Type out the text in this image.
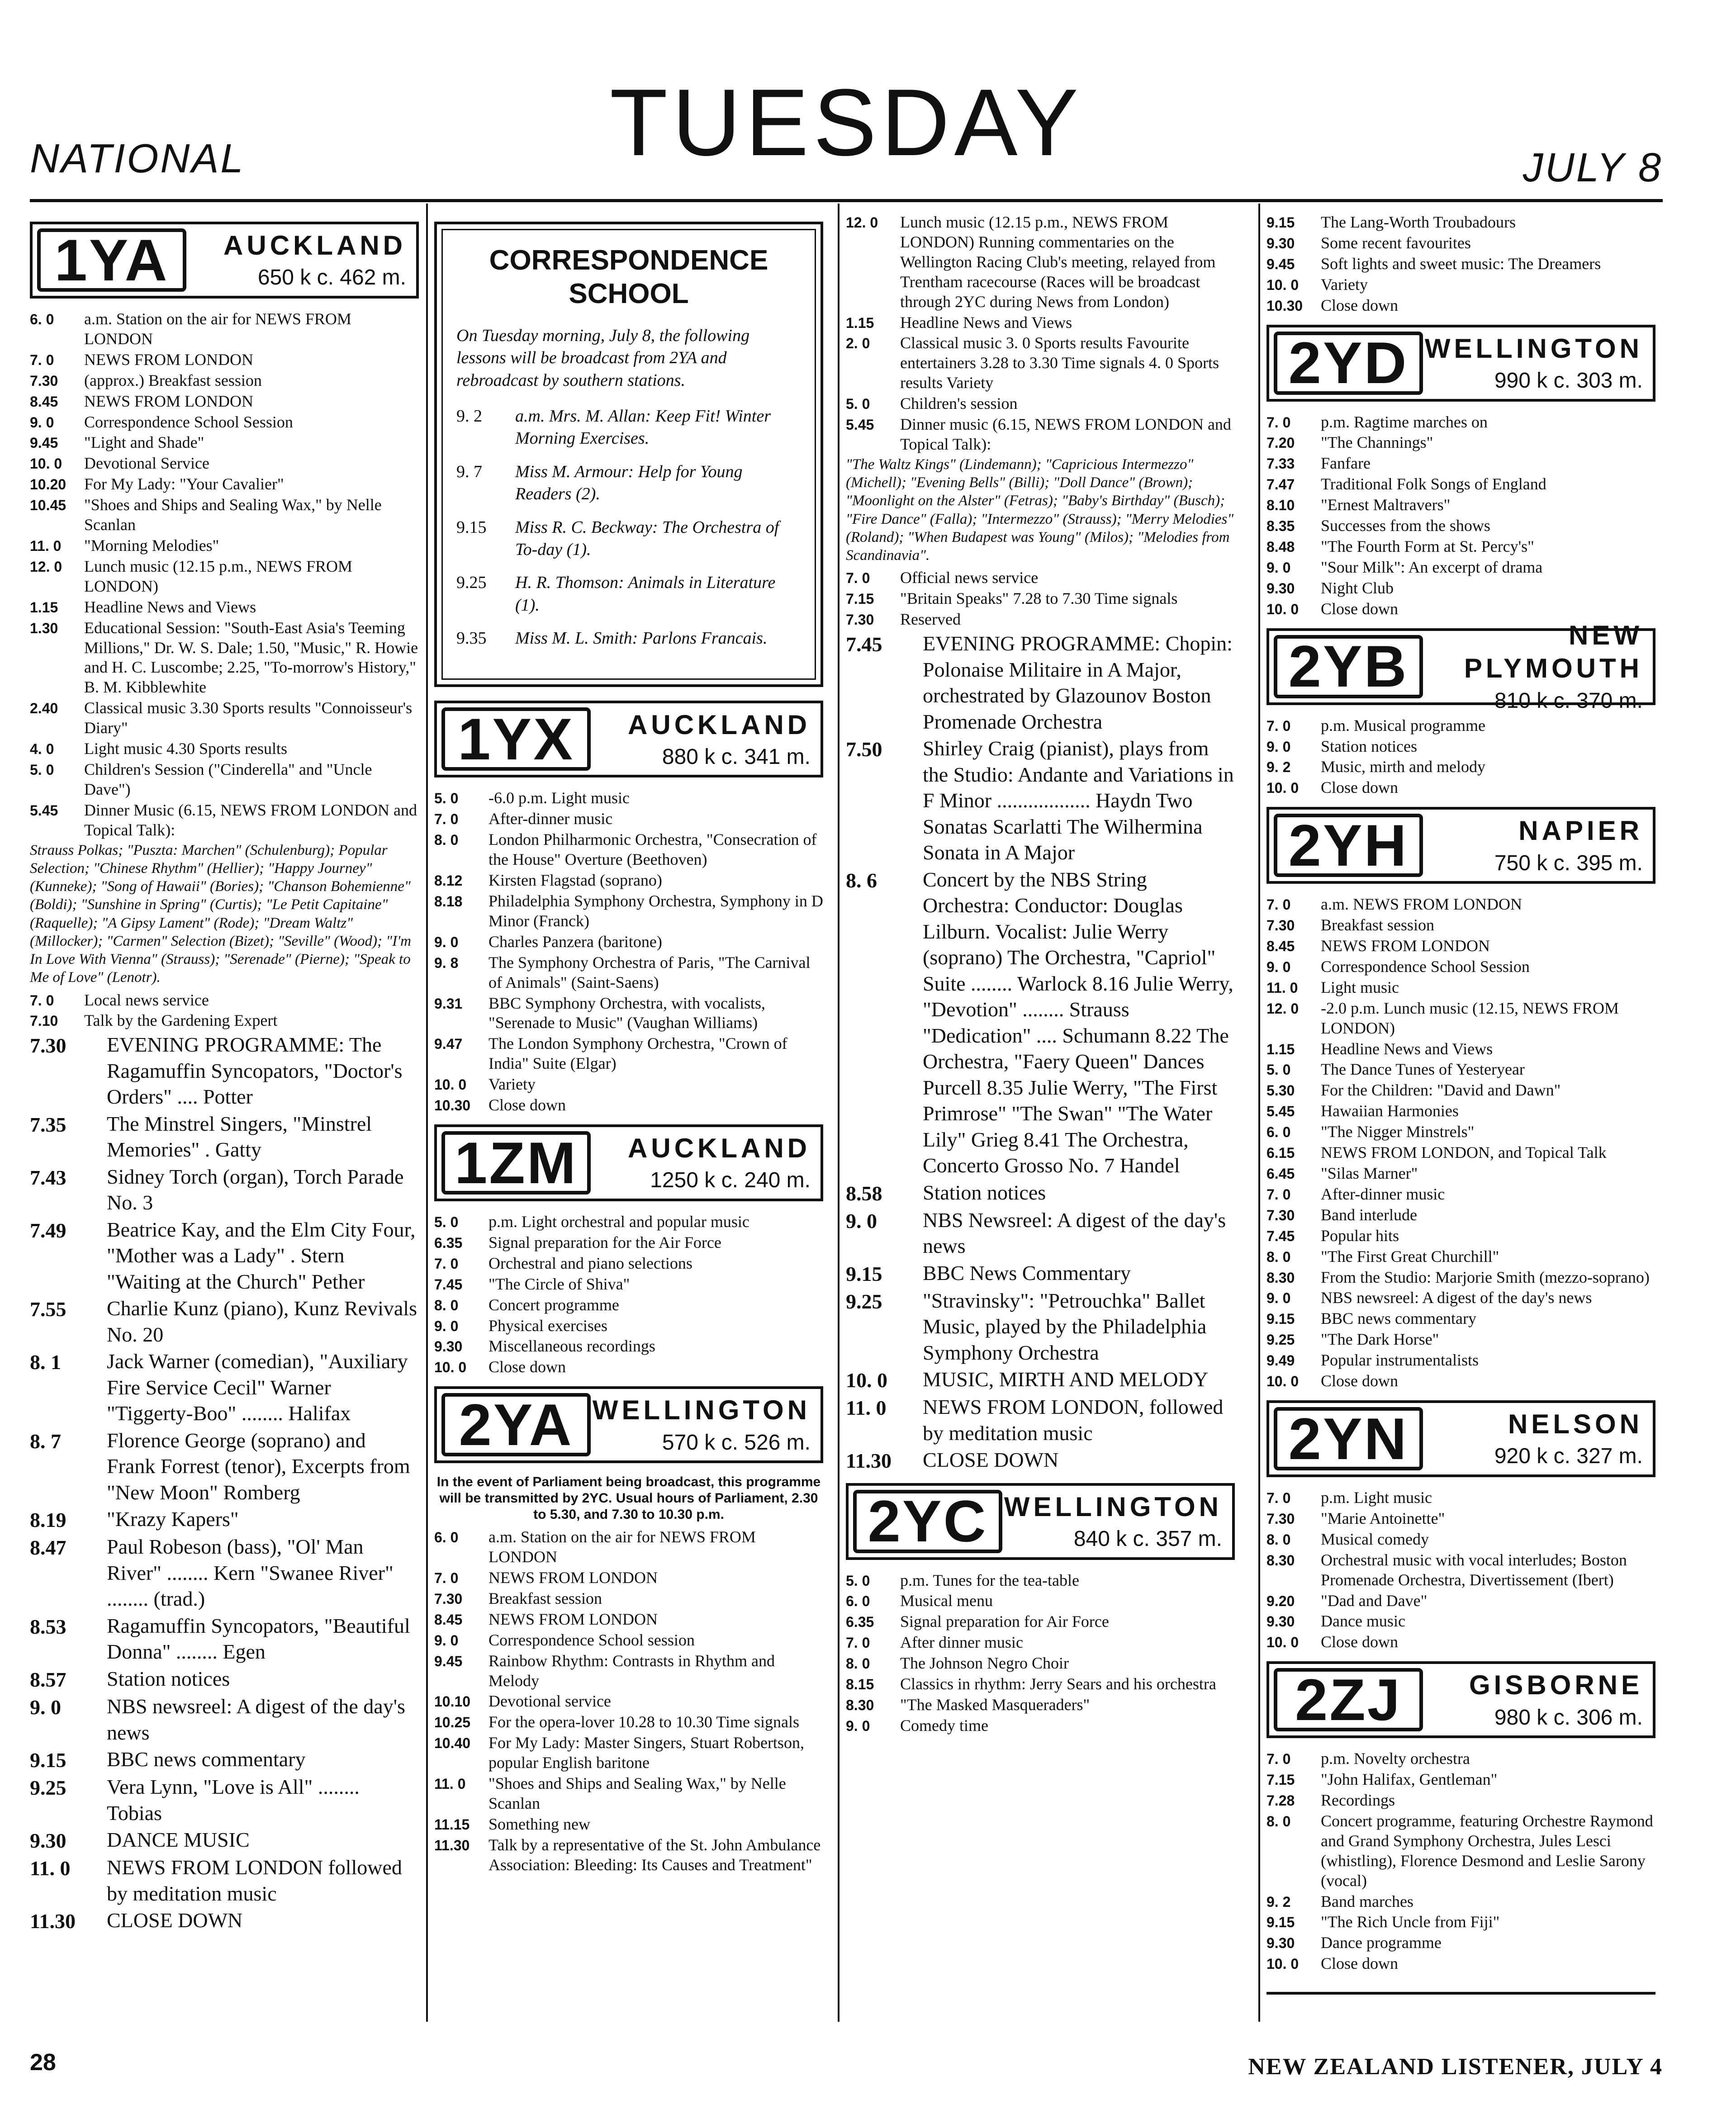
NATIONAL	TUESDAY	JULY 8
1YA	AUCKLAND
650 k c. 462 m.
6. 0	a.m. Station on the air for NEWS FROM LONDON
7. 0	NEWS FROM LONDON
7.30	(approx.) Breakfast session
8.45	NEWS FROM LONDON
9. 0	Correspondence School Session
9.45	"Light and Shade"
10. 0	Devotional Service
10.20	For My Lady: "Your Cavalier"
10.45	"Shoes and Ships and Sealing Wax," by Nelle Scanlan
11. 0	"Morning Melodies"
12. 0	Lunch music (12.15 p.m., NEWS FROM LONDON)
1.15	Headline News and Views
1.30	Educational Session: "South-East Asia's Teeming Millions," Dr. W. S. Dale; 1.50, "Music," R. Howie and H. C. Luscombe; 2.25, "To-morrow's History," B. M. Kibblewhite
2.40	Classical music 3.30 Sports results "Connoisseur's Diary"
4. 0	Light music 4.30 Sports results
5. 0	Children's Session ("Cinderella" and "Uncle Dave")
5.45	Dinner Music (6.15, NEWS FROM LONDON and Topical Talk):
Strauss Polkas; "Puszta: Marchen" (Schulenburg); Popular Selection; "Chinese Rhythm" (Hellier); "Happy Journey" (Kunneke); "Song of Hawaii" (Bories); "Chanson Bohemienne" (Boldi); "Sunshine in Spring" (Curtis); "Le Petit Capitaine" (Raquelle); "A Gipsy Lament" (Rode); "Dream Waltz" (Millocker); "Carmen" Selection (Bizet); "Seville" (Wood); "I'm In Love With Vienna" (Strauss); "Serenade" (Pierne); "Speak to Me of Love" (Lenotr).
7. 0	Local news service
7.10	Talk by the Gardening Expert
7.30	EVENING PROGRAMME: The Ragamuffin Syncopators, "Doctor's Orders" .... Potter
7.35	The Minstrel Singers, "Minstrel Memories" . Gatty
7.43	Sidney Torch (organ), Torch Parade No. 3
7.49	Beatrice Kay, and the Elm City Four, "Mother was a Lady" . Stern "Waiting at the Church" Pether
7.55	Charlie Kunz (piano), Kunz Revivals No. 20
8. 1	Jack Warner (comedian), "Auxiliary Fire Service Cecil" Warner "Tiggerty-Boo" ........ Halifax
8. 7	Florence George (soprano) and Frank Forrest (tenor), Excerpts from "New Moon" Romberg
8.19	"Krazy Kapers"
8.47	Paul Robeson (bass), "Ol' Man River" ........ Kern "Swanee River" ........ (trad.)
8.53	Ragamuffin Syncopators, "Beautiful Donna" ........ Egen
8.57	Station notices
9. 0	NBS newsreel: A digest of the day's news
9.15	BBC news commentary
9.25	Vera Lynn, "Love is All" ........ Tobias
9.30	DANCE MUSIC
11. 0	NEWS FROM LONDON followed by meditation music
11.30	CLOSE DOWN
CORRESPONDENCE SCHOOL
On Tuesday morning, July 8, the following lessons will be broadcast from 2YA and rebroadcast by southern stations.
9. 2	a.m. Mrs. M. Allan: Keep Fit! Winter Morning Exercises.
9. 7	Miss M. Armour: Help for Young Readers (2).
9.15	Miss R. C. Beckway: The Orchestra of To-day (1).
9.25	H. R. Thomson: Animals in Literature (1).
9.35	Miss M. L. Smith: Parlons Francais.
1YX	AUCKLAND
880 k c. 341 m.
5. 0	-6.0 p.m. Light music
7. 0	After-dinner music
8. 0	London Philharmonic Orchestra, "Consecration of the House" Overture (Beethoven)
8.12	Kirsten Flagstad (soprano)
8.18	Philadelphia Symphony Orchestra, Symphony in D Minor (Franck)
9. 0	Charles Panzera (baritone)
9. 8	The Symphony Orchestra of Paris, "The Carnival of Animals" (Saint-Saens)
9.31	BBC Symphony Orchestra, with vocalists, "Serenade to Music" (Vaughan Williams)
9.47	The London Symphony Orchestra, "Crown of India" Suite (Elgar)
10. 0	Variety
10.30	Close down
1ZM	AUCKLAND
1250 k c. 240 m.
5. 0	p.m. Light orchestral and popular music
6.35	Signal preparation for the Air Force
7. 0	Orchestral and piano selections
7.45	"The Circle of Shiva"
8. 0	Concert programme
9. 0	Physical exercises
9.30	Miscellaneous recordings
10. 0	Close down
2YA WELLINGTON
570 k c. 526 m.
In the event of Parliament being broadcast, this programme will be transmitted by 2YC. Usual hours of Parliament, 2.30 to 5.30, and 7.30 to 10.30 p.m.
6. 0	a.m. Station on the air for NEWS FROM LONDON
7. 0	NEWS FROM LONDON
7.30	Breakfast session
8.45	NEWS FROM LONDON
9. 0	Correspondence School session
9.45	Rainbow Rhythm: Contrasts in Rhythm and Melody
10.10	Devotional service
10.25	For the opera-lover 10.28 to 10.30 Time signals
10.40	For My Lady: Master Singers, Stuart Robertson, popular English baritone
11. 0	"Shoes and Ships and Sealing Wax," by Nelle Scanlan
11.15	Something new
11.30	Talk by a representative of the St. John Ambulance Association: Bleeding: Its Causes and Treatment"
12. 0	Lunch music (12.15 p.m., NEWS FROM LONDON) Running commentaries on the Wellington Racing Club's meeting, relayed from Trentham racecourse (Races will be broadcast through 2YC during News from London)
1.15	Headline News and Views
2. 0	Classical music 3. 0 Sports results Favourite entertainers 3.28 to 3.30 Time signals 4. 0 Sports results Variety
5. 0	Children's session
5.45	Dinner music (6.15, NEWS FROM LONDON and Topical Talk):
"The Waltz Kings" (Lindemann); "Capricious Intermezzo" (Michell); "Evening Bells" (Billi); "Doll Dance" (Brown); "Moonlight on the Alster" (Fetras); "Baby's Birthday" (Busch); "Fire Dance" (Falla); "Intermezzo" (Strauss); "Merry Melodies" (Roland); "When Budapest was Young" (Milos); "Melodies from Scandinavia".
7. 0	Official news service
7.15	"Britain Speaks" 7.28 to 7.30 Time signals
7.30	Reserved
7.45	EVENING PROGRAMME: Chopin: Polonaise Militaire in A Major, orchestrated by Glazounov Boston Promenade Orchestra
7.50	Shirley Craig (pianist), plays from the Studio: Andante and Variations in F Minor .................. Haydn Two Sonatas Scarlatti The Wilhermina Sonata in A Major
8. 6	Concert by the NBS String Orchestra: Conductor: Douglas Lilburn. Vocalist: Julie Werry (soprano) The Orchestra, "Capriol" Suite ........ Warlock 8.16 Julie Werry, "Devotion" ........ Strauss "Dedication" .... Schumann 8.22 The Orchestra, "Faery Queen" Dances Purcell 8.35 Julie Werry, "The First Primrose" "The Swan" "The Water Lily" Grieg 8.41 The Orchestra, Concerto Grosso No. 7 Handel
8.58	Station notices
9. 0	NBS Newsreel: A digest of the day's news
9.15	BBC News Commentary
9.25	"Stravinsky": "Petrouchka" Ballet Music, played by the Philadelphia Symphony Orchestra
10. 0	MUSIC, MIRTH AND MELODY
11. 0	NEWS FROM LONDON, followed by meditation music
11.30	CLOSE DOWN
2YC WELLINGTON
840 k c. 357 m.
5. 0	p.m. Tunes for the tea-table
6. 0	Musical menu
6.35	Signal preparation for Air Force
7. 0	After dinner music
8. 0	The Johnson Negro Choir
8.15	Classics in rhythm: Jerry Sears and his orchestra
8.30	"The Masked Masqueraders"
9. 0	Comedy time
9.15	The Lang-Worth Troubadours
9.30	Some recent favourites
9.45	Soft lights and sweet music: The Dreamers
10. 0	Variety
10.30	Close down
2YD WELLINGTON
990 k c. 303 m.
7. 0	p.m. Ragtime marches on
7.20	"The Channings"
7.33	Fanfare
7.47	Traditional Folk Songs of England
8.10	"Ernest Maltravers"
8.35	Successes from the shows
8.48	"The Fourth Form at St. Percy's"
9. 0	"Sour Milk": An excerpt of drama
9.30	Night Club
10. 0	Close down
2YB	NEW PLYMOUTH
810 k c. 370 m.
7. 0	p.m. Musical programme
9. 0	Station notices
9. 2	Music, mirth and melody
10. 0	Close down
2YH	NAPIER
750 k c. 395 m.
7. 0	a.m. NEWS FROM LONDON
7.30	Breakfast session
8.45	NEWS FROM LONDON
9. 0	Correspondence School Session
11. 0	Light music
12. 0	-2.0 p.m. Lunch music (12.15, NEWS FROM LONDON)
1.15	Headline News and Views
5. 0	The Dance Tunes of Yesteryear
5.30	For the Children: "David and Dawn"
5.45	Hawaiian Harmonies
6. 0	"The Nigger Minstrels"
6.15	NEWS FROM LONDON, and Topical Talk
6.45	"Silas Marner"
7. 0	After-dinner music
7.30	Band interlude
7.45	Popular hits
8. 0	"The First Great Churchill"
8.30	From the Studio: Marjorie Smith (mezzo-soprano)
9. 0	NBS newsreel: A digest of the day's news
9.15	BBC news commentary
9.25	"The Dark Horse"
9.49	Popular instrumentalists
10. 0	Close down
2YN	NELSON
920 k c. 327 m.
7. 0	p.m. Light music
7.30	"Marie Antoinette"
8. 0	Musical comedy
8.30	Orchestral music with vocal interludes; Boston Promenade Orchestra, Divertissement (Ibert)
9.20	"Dad and Dave"
9.30	Dance music
10. 0	Close down
2ZJ	GISBORNE
980 k c. 306 m.
7. 0	p.m. Novelty orchestra
7.15	"John Halifax, Gentleman"
7.28	Recordings
8. 0	Concert programme, featuring Orchestre Raymond and Grand Symphony Orchestra, Jules Lesci (whistling), Florence Desmond and Leslie Sarony (vocal)
9. 2	Band marches
9.15	"The Rich Uncle from Fiji"
9.30	Dance programme
10. 0	Close down

28	NEW ZEALAND LISTENER, JULY 4
